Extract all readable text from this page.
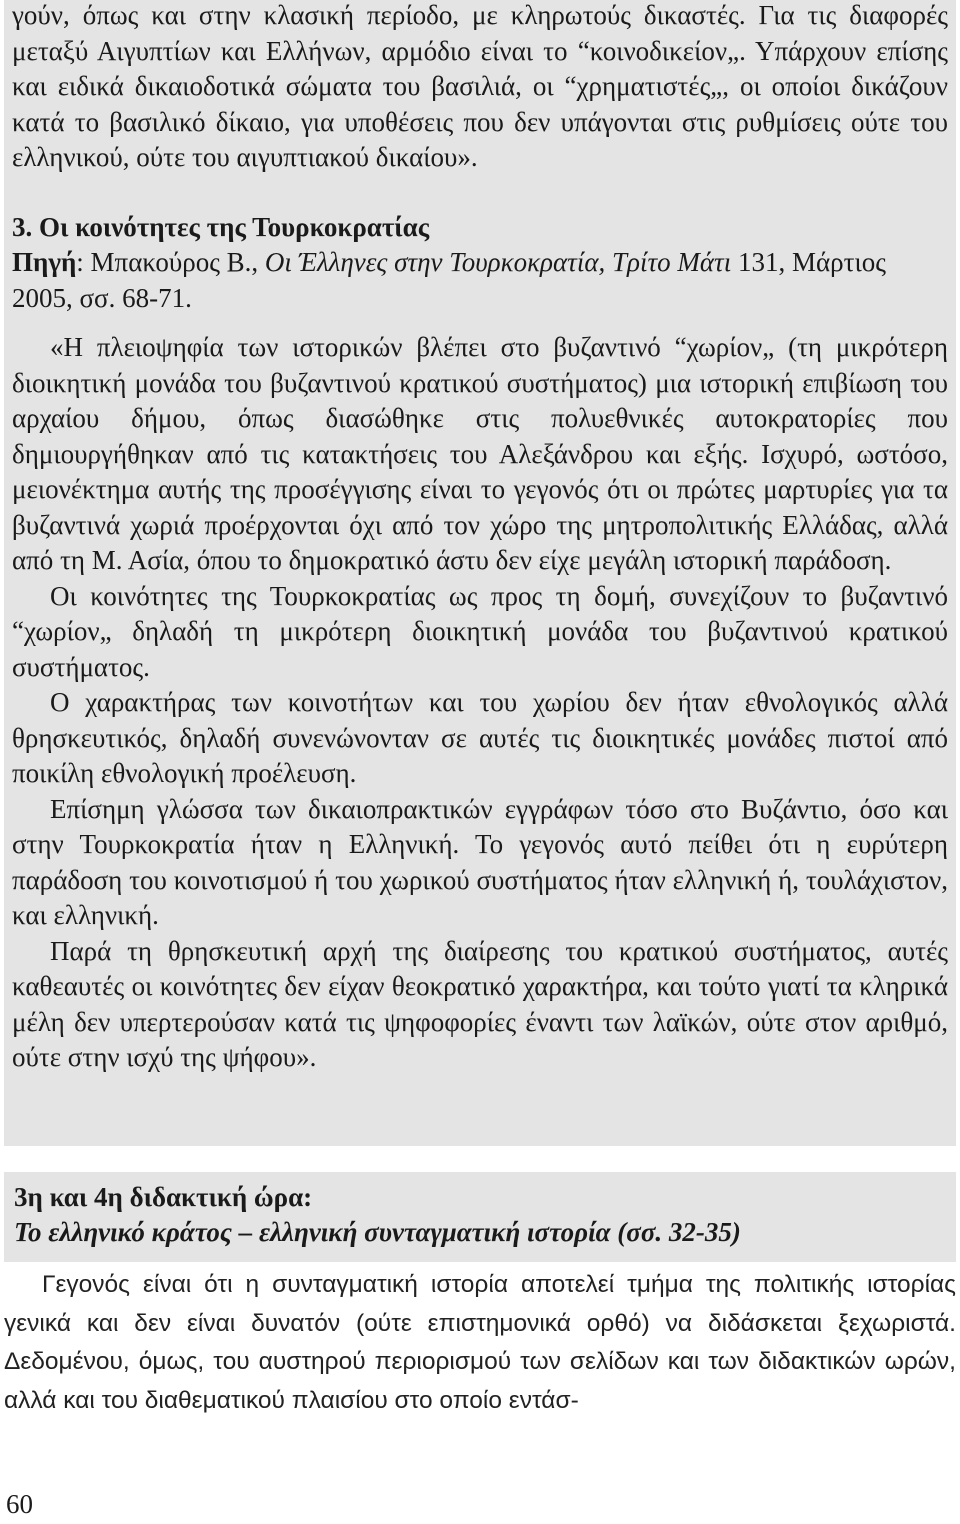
γούν, όπως και στην κλασική περίοδο, με κληρωτούς δικαστές. Για τις διαφορές μεταξύ Αιγυπτίων και Ελλήνων, αρμόδιο είναι το “κοινοδικείον„. Υπάρχουν επίσης και ειδικά δικαιοδοτικά σώματα του βασιλιά, οι “χρηματιστές„, οι οποίοι δικάζουν κατά το βασιλικό δίκαιο, για υποθέσεις που δεν υπάγονται στις ρυθμίσεις ούτε του ελληνικού, ούτε του αιγυπτιακού δικαίου».

3. Οι κοινότητες της Τουρκοκρατίας

Πηγή: Μπακούρος Β., Οι Έλληνες στην Τουρκοκρατία, Τρίτο Μάτι 131, Μάρτιος 2005, σσ. 68-71.

«Η πλειοψηφία των ιστορικών βλέπει στο βυζαντινό “χωρίον„ (τη μικρότερη διοικητική μονάδα του βυζαντινού κρατικού συστήματος) μια ιστορική επιβίωση του αρχαίου δήμου, όπως διασώθηκε στις πολυεθνικές αυτοκρατορίες που δημιουργήθηκαν από τις κατακτήσεις του Αλεξάνδρου και εξής. Ισχυρό, ωστόσο, μειονέκτημα αυτής της προσέγγισης είναι το γεγονός ότι οι πρώτες μαρτυρίες για τα βυζαντινά χωριά προέρχονται όχι από τον χώρο της μητροπολιτικής Ελλάδας, αλλά από τη Μ. Ασία, όπου το δημοκρατικό άστυ δεν είχε μεγάλη ιστορική παράδοση.

Οι κοινότητες της Τουρκοκρατίας ως προς τη δομή, συνεχίζουν το βυζαντινό “χωρίον„ δηλαδή τη μικρότερη διοικητική μονάδα του βυζαντινού κρατικού συστήματος.

Ο χαρακτήρας των κοινοτήτων και του χωρίου δεν ήταν εθνολογικός αλλά θρησκευτικός, δηλαδή συνενώνονταν σε αυτές τις διοικητικές μονάδες πιστοί από ποικίλη εθνολογική προέλευση.

Επίσημη γλώσσα των δικαιοπρακτικών εγγράφων τόσο στο Βυζάντιο, όσο και στην Τουρκοκρατία ήταν η Ελληνική. Το γεγονός αυτό πείθει ότι η ευρύτερη παράδοση του κοινοτισμού ή του χωρικού συστήματος ήταν ελληνική ή, τουλάχιστον, και ελληνική.

Παρά τη θρησκευτική αρχή της διαίρεσης του κρατικού συστήματος, αυτές καθεαυτές οι κοινότητες δεν είχαν θεοκρατικό χαρακτήρα, και τούτο γιατί τα κληρικά μέλη δεν υπερτερούσαν κατά τις ψηφοφορίες έναντι των λαϊκών, ούτε στον αριθμό, ούτε στην ισχύ της ψήφου».

3η και 4η διδακτική ώρα:

Το ελληνικό κράτος – ελληνική συνταγματική ιστορία (σσ. 32-35)

Γεγονός είναι ότι η συνταγματική ιστορία αποτελεί τμήμα της πολιτικής ιστορίας γενικά και δεν είναι δυνατόν (ούτε επιστημονικά ορθό) να διδάσκεται ξεχωριστά. Δεδομένου, όμως, του αυστηρού περιορισμού των σελίδων και των διδακτικών ωρών, αλλά και του διαθεματικού πλαισίου στο οποίο εντάσ-

60
